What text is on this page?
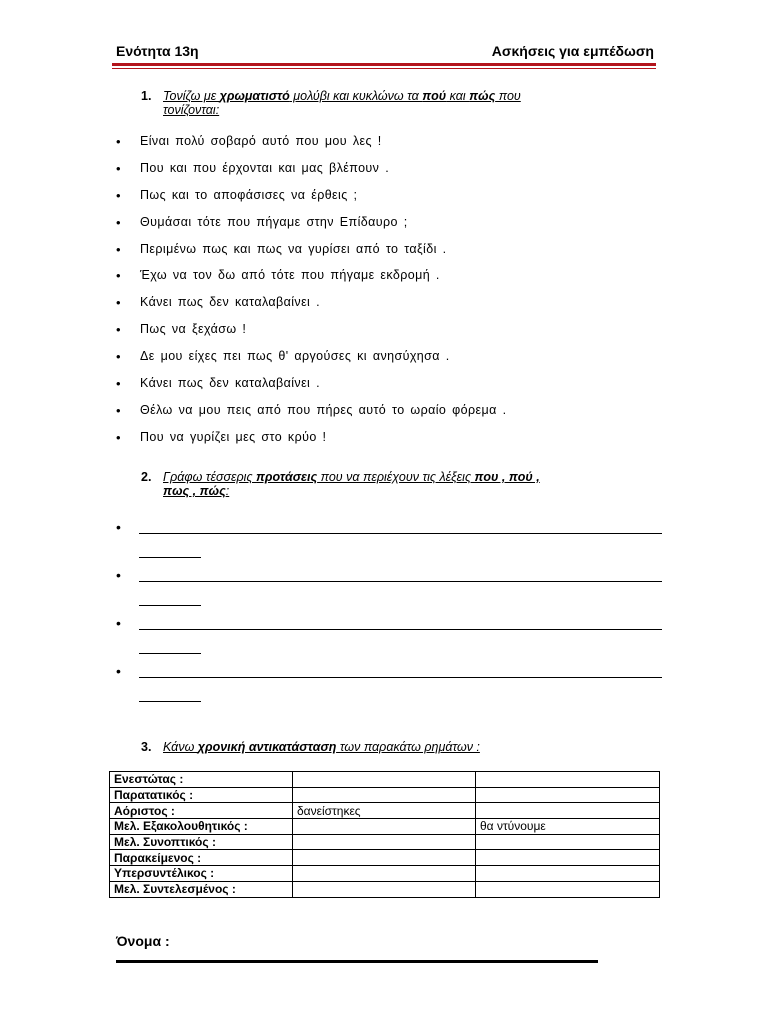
Ενότητα 13η	Ασκήσεις για εμπέδωση
1. Τονίζω με χρωματιστό μολύβι και κυκλώνω τα πού και πώς που
τονίζονται:
• Είναι πολύ σοβαρό αυτό που μου λες !
• Που και που έρχονται και μας βλέπουν .
• Πως και το αποφάσισες να έρθεις ;
• Θυμάσαι τότε που πήγαμε στην Επίδαυρο ;
• Περιμένω πως και πως να γυρίσει από το ταξίδι .
• Έχω να τον δω από τότε που πήγαμε εκδρομή .
• Κάνει πως δεν καταλαβαίνει .
• Πως να ξεχάσω !
• Δε μου είχες πει πως θ' αργούσες κι ανησύχησα .
• Κάνει πως δεν καταλαβαίνει .
• Θέλω να μου πεις από που πήρες αυτό το ωραίο φόρεμα .
• Που να γυρίζει μες στο κρύο !
2. Γράφω τέσσερις προτάσεις που να περιέχουν τις λέξεις που , πού ,
πως , πώς:
•
•
•
•
3. Κάνω χρονική αντικατάσταση των παρακάτω ρημάτων :
Ενεστώτας :		
Παρατατικός :		
Αόριστος :	δανείστηκες	
Μελ. Εξακολουθητικός :		θα ντύνουμε
Μελ. Συνοπτικός :		
Παρακείμενος :		
Υπερσυντέλικος :		
Μελ. Συντελεσμένος :		
Όνομα :
